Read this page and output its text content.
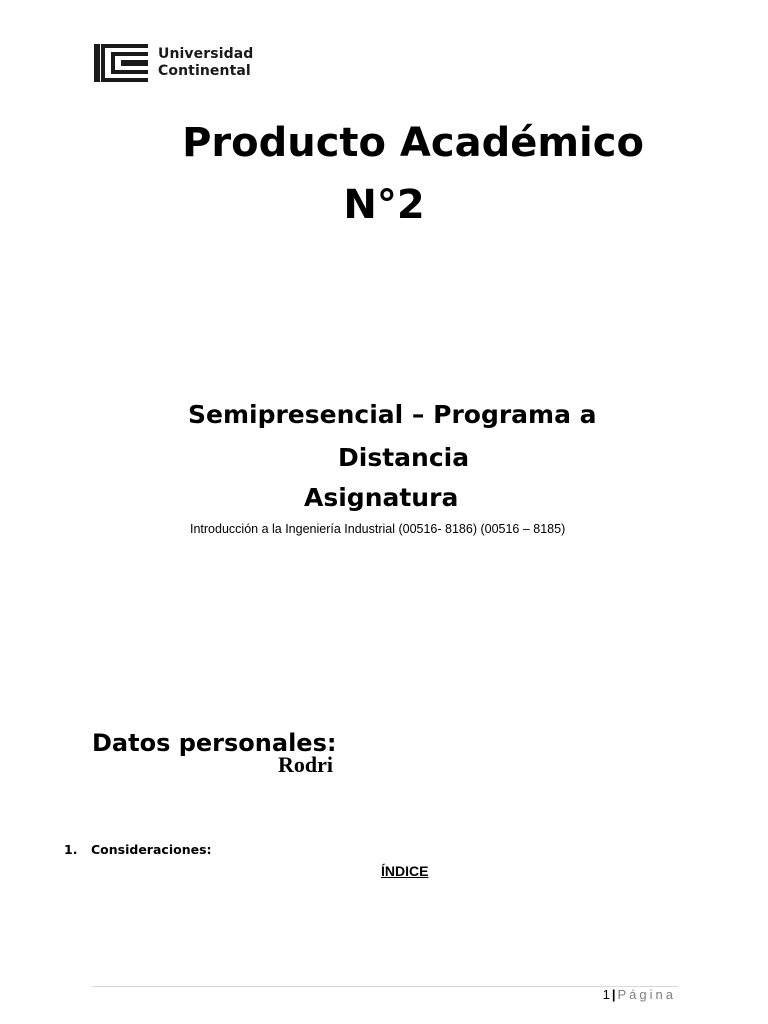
Universidad
Continental
Producto Académico
N°2
Semipresencial – Programa a
Distancia
Asignatura
Introducción a la Ingeniería Industrial (00516- 8186) (00516 – 8185)
Datos personales:
Rodri
1. Consideraciones:
ÍNDICE
1 | Página
